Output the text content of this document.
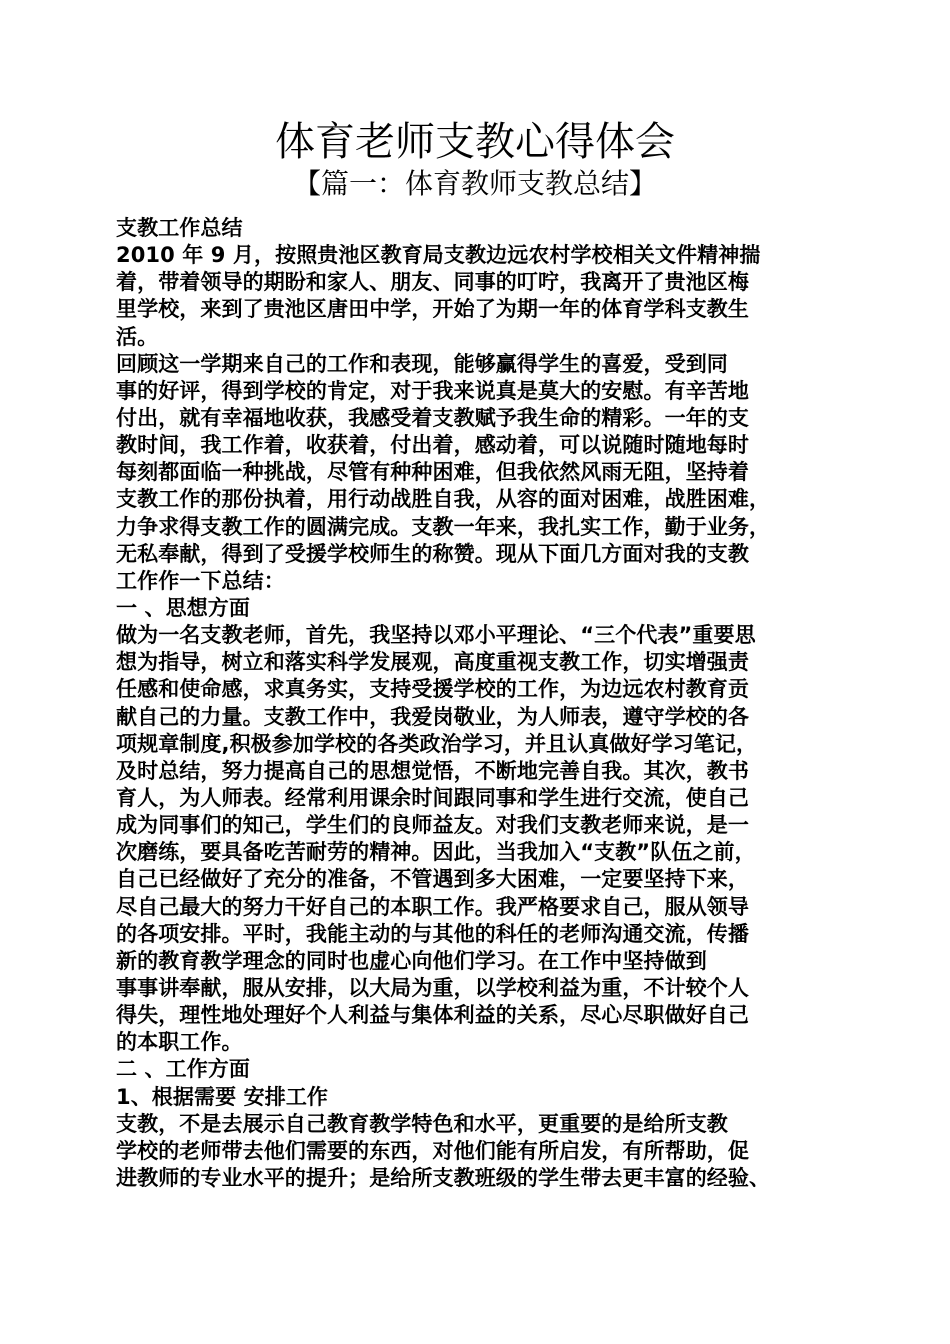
体育老师支教心得体会
【篇一：体育教师支教总结】
支教工作总结
2010 年 9 月，按照贵池区教育局支教边远农村学校相关文件精神揣
着，带着领导的期盼和家人、朋友、同事的叮咛，我离开了贵池区梅
里学校，来到了贵池区唐田中学，开始了为期一年的体育学科支教生
活。
回顾这一学期来自己的工作和表现，能够赢得学生的喜爱，受到同
事的好评，得到学校的肯定，对于我来说真是莫大的安慰。有辛苦地
付出，就有幸福地收获，我感受着支教赋予我生命的精彩。一年的支
教时间，我工作着，收获着，付出着，感动着，可以说随时随地每时
每刻都面临一种挑战，尽管有种种困难，但我依然风雨无阻，坚持着
支教工作的那份执着，用行动战胜自我，从容的面对困难，战胜困难，
力争求得支教工作的圆满完成。支教一年来，我扎实工作，勤于业务，
无私奉献，得到了受援学校师生的称赞。现从下面几方面对我的支教
工作作一下总结：
一 、思想方面
做为一名支教老师，首先，我坚持以邓小平理论、“三个代表”重要思
想为指导，树立和落实科学发展观，高度重视支教工作，切实增强责
任感和使命感，求真务实，支持受援学校的工作，为边远农村教育贡
献自己的力量。支教工作中，我爱岗敬业，为人师表，遵守学校的各
项规章制度,积极参加学校的各类政治学习，并且认真做好学习笔记，
及时总结，努力提高自己的思想觉悟，不断地完善自我。其次，教书
育人，为人师表。经常利用课余时间跟同事和学生进行交流，使自己
成为同事们的知己，学生们的良师益友。对我们支教老师来说，是一
次磨练，要具备吃苦耐劳的精神。因此，当我加入“支教”队伍之前，
自己已经做好了充分的准备，不管遇到多大困难，一定要坚持下来，
尽自己最大的努力干好自己的本职工作。我严格要求自己，服从领导
的各项安排。平时，我能主动的与其他的科任的老师沟通交流，传播
新的教育教学理念的同时也虚心向他们学习。在工作中坚持做到
事事讲奉献，服从安排，以大局为重，以学校利益为重，不计较个人
得失，理性地处理好个人利益与集体利益的关系，尽心尽职做好自己
的本职工作。
二 、工作方面
1、根据需要 安排工作
支教，不是去展示自己教育教学特色和水平，更重要的是给所支教
学校的老师带去他们需要的东西，对他们能有所启发，有所帮助，促
进教师的专业水平的提升；是给所支教班级的学生带去更丰富的经验、
